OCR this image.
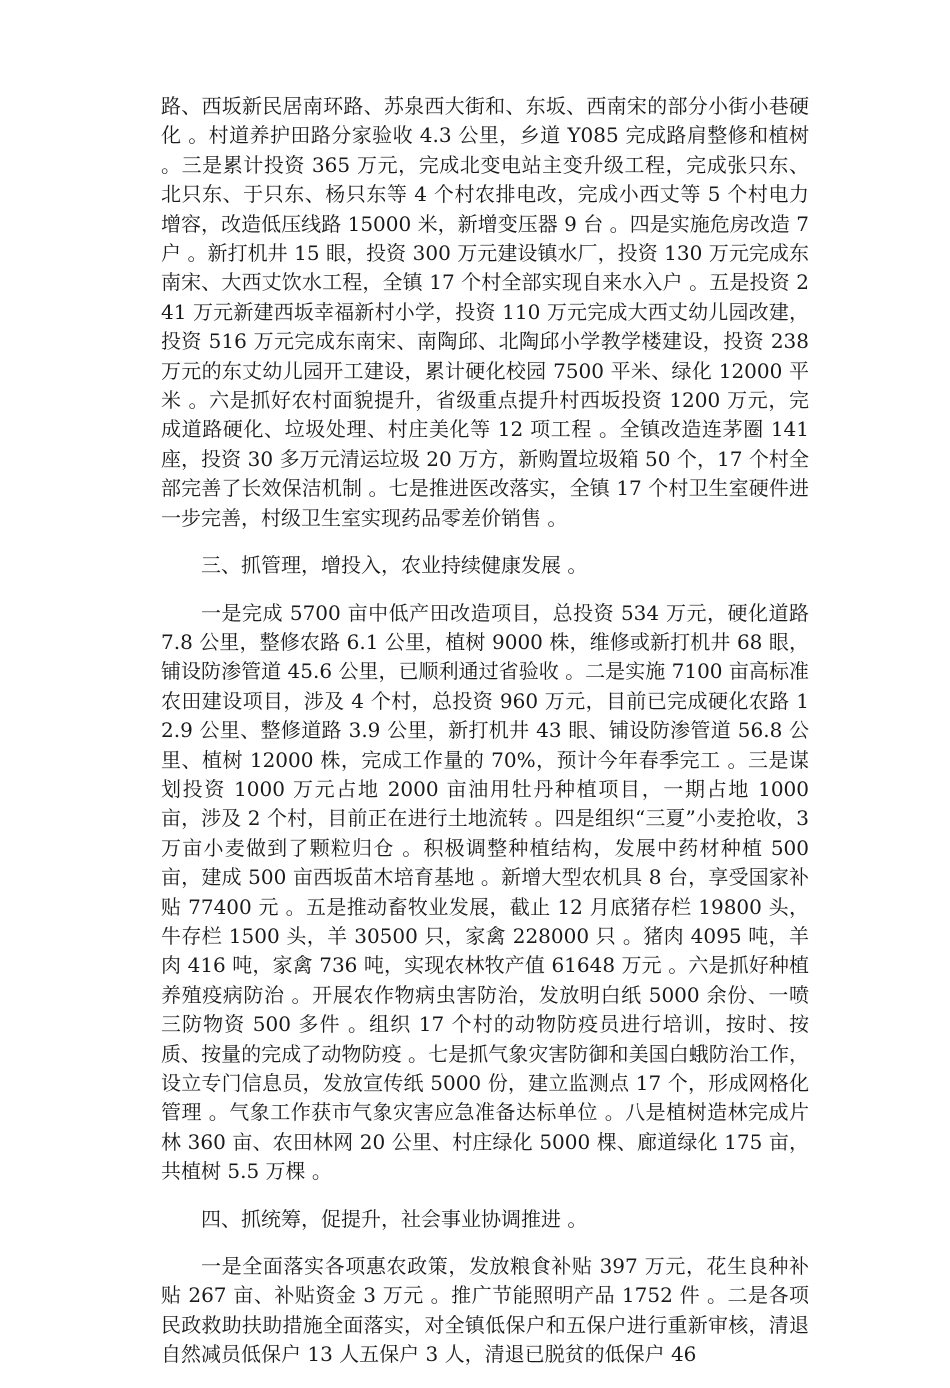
路、西坂新民居南环路、苏泉西大街和、东坂、西南宋的部分小街小巷硬化 。村道养护田路分家验收 4.3 公里，乡道 Y085 完成路肩整修和植树 。三是累计投资 365 万元，完成北变电站主变升级工程，完成张只东、北只东、于只东、杨只东等 4 个村农排电改，完成小西丈等 5 个村电力增容，改造低压线路 15000 米，新增变压器 9 台 。四是实施危房改造 7 户 。新打机井 15 眼，投资 300 万元建设镇水厂，投资 130 万元完成东南宋、大西丈饮水工程，全镇 17 个村全部实现自来水入户 。五是投资 241 万元新建西坂幸福新村小学，投资 110 万元完成大西丈幼儿园改建，投资 516 万元完成东南宋、南陶邱、北陶邱小学教学楼建设，投资 238 万元的东丈幼儿园开工建设，累计硬化校园 7500 平米、绿化 12000 平米 。六是抓好农村面貌提升，省级重点提升村西坂投资 1200 万元，完成道路硬化、垃圾处理、村庄美化等 12 项工程 。全镇改造连茅圈 141 座，投资 30 多万元清运垃圾 20 万方，新购置垃圾箱 50 个，17 个村全部完善了长效保洁机制 。七是推进医改落实，全镇 17 个村卫生室硬件进一步完善，村级卫生室实现药品零差价销售 。

三、抓管理，增投入，农业持续健康发展 。

一是完成 5700 亩中低产田改造项目，总投资 534 万元，硬化道路 7.8 公里，整修农路 6.1 公里，植树 9000 株，维修或新打机井 68 眼，铺设防渗管道 45.6 公里，已顺利通过省验收 。二是实施 7100 亩高标准农田建设项目，涉及 4 个村，总投资 960 万元，目前已完成硬化农路 12.9 公里、整修道路 3.9 公里，新打机井 43 眼、铺设防渗管道 56.8 公里、植树 12000 株，完成工作量的 70%，预计今年春季完工 。三是谋划投资 1000 万元占地 2000 亩油用牡丹种植项目，一期占地 1000 亩，涉及 2 个村，目前正在进行土地流转 。四是组织“三夏”小麦抢收，3 万亩小麦做到了颗粒归仓 。积极调整种植结构，发展中药材种植 500 亩，建成 500 亩西坂苗木培育基地 。新增大型农机具 8 台，享受国家补贴 77400 元 。五是推动畜牧业发展，截止 12 月底猪存栏 19800 头，牛存栏 1500 头，羊 30500 只，家禽 228000 只 。猪肉 4095 吨，羊肉 416 吨，家禽 736 吨，实现农林牧产值 61648 万元 。六是抓好种植养殖疫病防治 。开展农作物病虫害防治，发放明白纸 5000 余份、一喷三防物资 500 多件 。组织 17 个村的动物防疫员进行培训，按时、按质、按量的完成了动物防疫 。七是抓气象灾害防御和美国白蛾防治工作，设立专门信息员，发放宣传纸 5000 份，建立监测点 17 个，形成网格化管理 。气象工作获市气象灾害应急准备达标单位 。八是植树造林完成片林 360 亩、农田林网 20 公里、村庄绿化 5000 棵、廊道绿化 175 亩，共植树 5.5 万棵 。

四、抓统筹，促提升，社会事业协调推进 。

一是全面落实各项惠农政策，发放粮食补贴 397 万元，花生良种补贴 267 亩、补贴资金 3 万元 。推广节能照明产品 1752 件 。二是各项民政救助扶助措施全面落实，对全镇低保户和五保户进行重新审核，清退自然减员低保户 13 人五保户 3 人，清退已脱贫的低保户 46
